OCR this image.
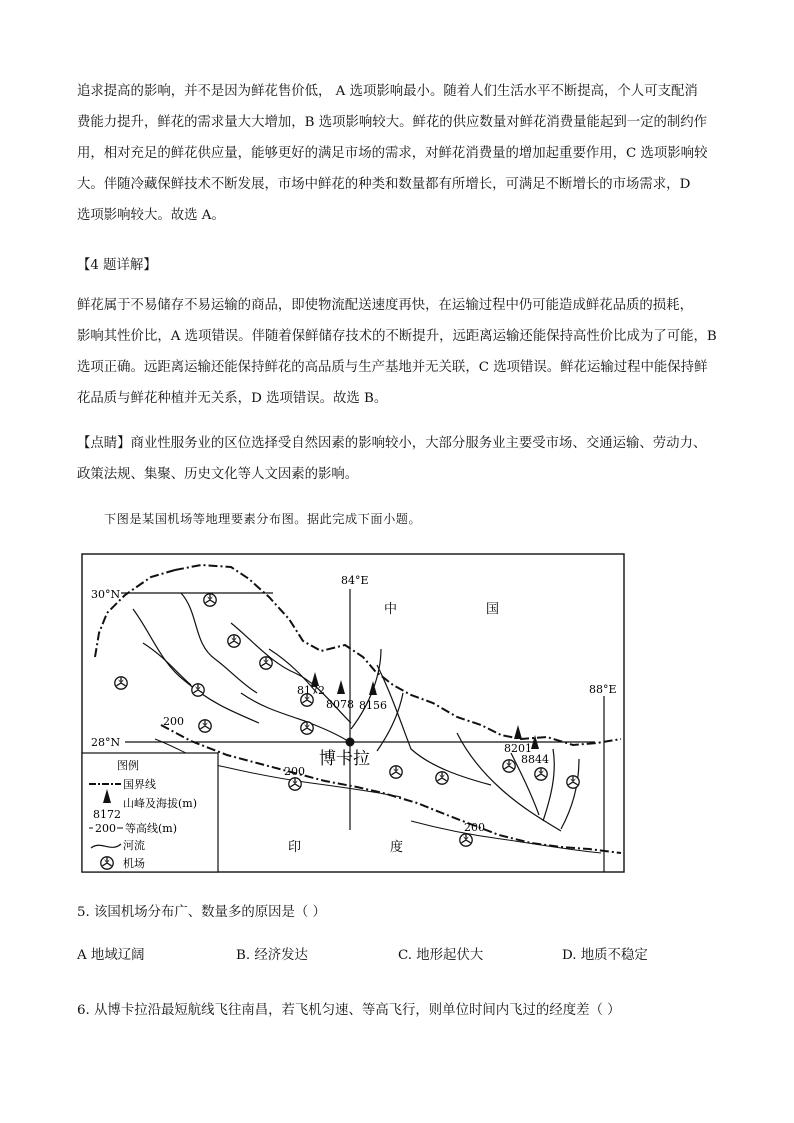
追求提高的影响，并不是因为鲜花售价低， A 选项影响最小。随着人们生活水平不断提高，个人可支配消
费能力提升，鲜花的需求量大大增加，B 选项影响较大。鲜花的供应数量对鲜花消费量能起到一定的制约作
用，相对充足的鲜花供应量，能够更好的满足市场的需求，对鲜花消费量的增加起重要作用，C 选项影响较
大。伴随冷藏保鲜技术不断发展，市场中鲜花的种类和数量都有所增长，可满足不断增长的市场需求，D
选项影响较大。故选 A。
【4 题详解】
鲜花属于不易储存不易运输的商品，即使物流配送速度再快，在运输过程中仍可能造成鲜花品质的损耗，
影响其性价比，A 选项错误。伴随着保鲜储存技术的不断提升，远距离运输还能保持高性价比成为了可能，B
选项正确。远距离运输还能保持鲜花的高品质与生产基地并无关联，C 选项错误。鲜花运输过程中能保持鲜
花品质与鲜花种植并无关系，D 选项错误。故选 B。
【点睛】商业性服务业的区位选择受自然因素的影响较小，大部分服务业主要受市场、交通运输、劳动力、
政策法规、集聚、历史文化等人文因素的影响。
下图是某国机场等地理要素分布图。据此完成下面小题。
30°N
28°N
84°E
88°E
8172
8078 8156
8201
8844
200
200
200
博卡拉
中	国
印	度
图例
国界线
山峰及海拔(m)
8172
200 等高线(m)
河流
机场
5. 该国机场分布广、数量多的原因是（ ）
A 地域辽阔	B. 经济发达	C. 地形起伏大	D. 地质不稳定
6. 从博卡拉沿最短航线飞往南昌，若飞机匀速、等高飞行，则单位时间内飞过的经度差（ ）
